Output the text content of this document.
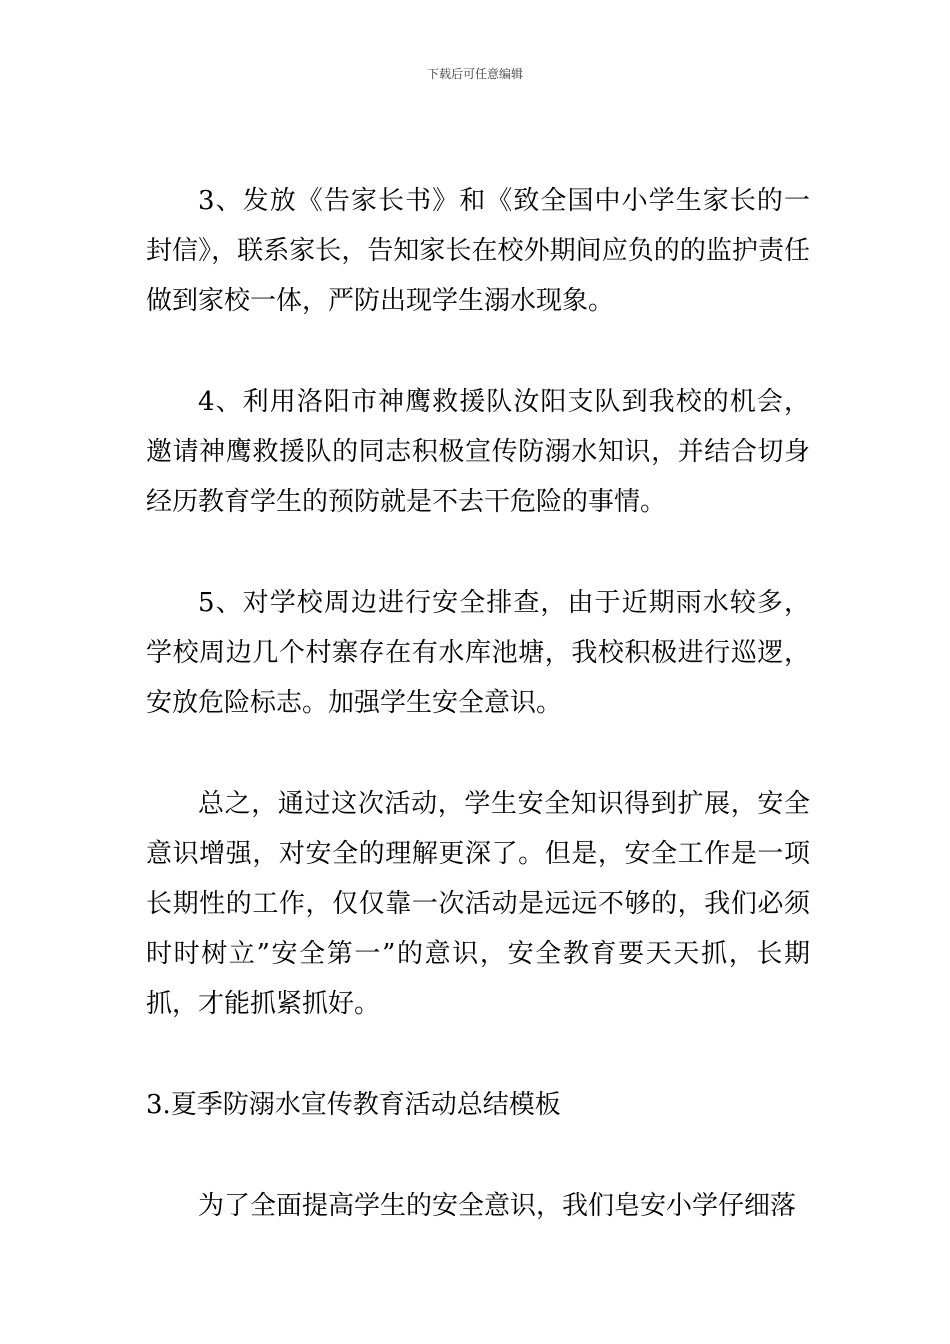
下载后可任意编辑

3、发放《告家长书》和《致全国中小学生家长的一封信》，联系家长，告知家长在校外期间应负的的监护责任做到家校一体，严防出现学生溺水现象。

4、利用洛阳市神鹰救援队汝阳支队到我校的机会，邀请神鹰救援队的同志积极宣传防溺水知识，并结合切身经历教育学生的预防就是不去干危险的事情。

5、对学校周边进行安全排查，由于近期雨水较多，学校周边几个村寨存在有水库池塘，我校积极进行巡逻，安放危险标志。加强学生安全意识。

总之，通过这次活动，学生安全知识得到扩展，安全意识增强，对安全的理解更深了。但是，安全工作是一项长期性的工作，仅仅靠一次活动是远远不够的，我们必须时时树立”安全第一”的意识，安全教育要天天抓，长期抓，才能抓紧抓好。

3.夏季防溺水宣传教育活动总结模板

为了全面提高学生的安全意识，我们皂安小学仔细落
